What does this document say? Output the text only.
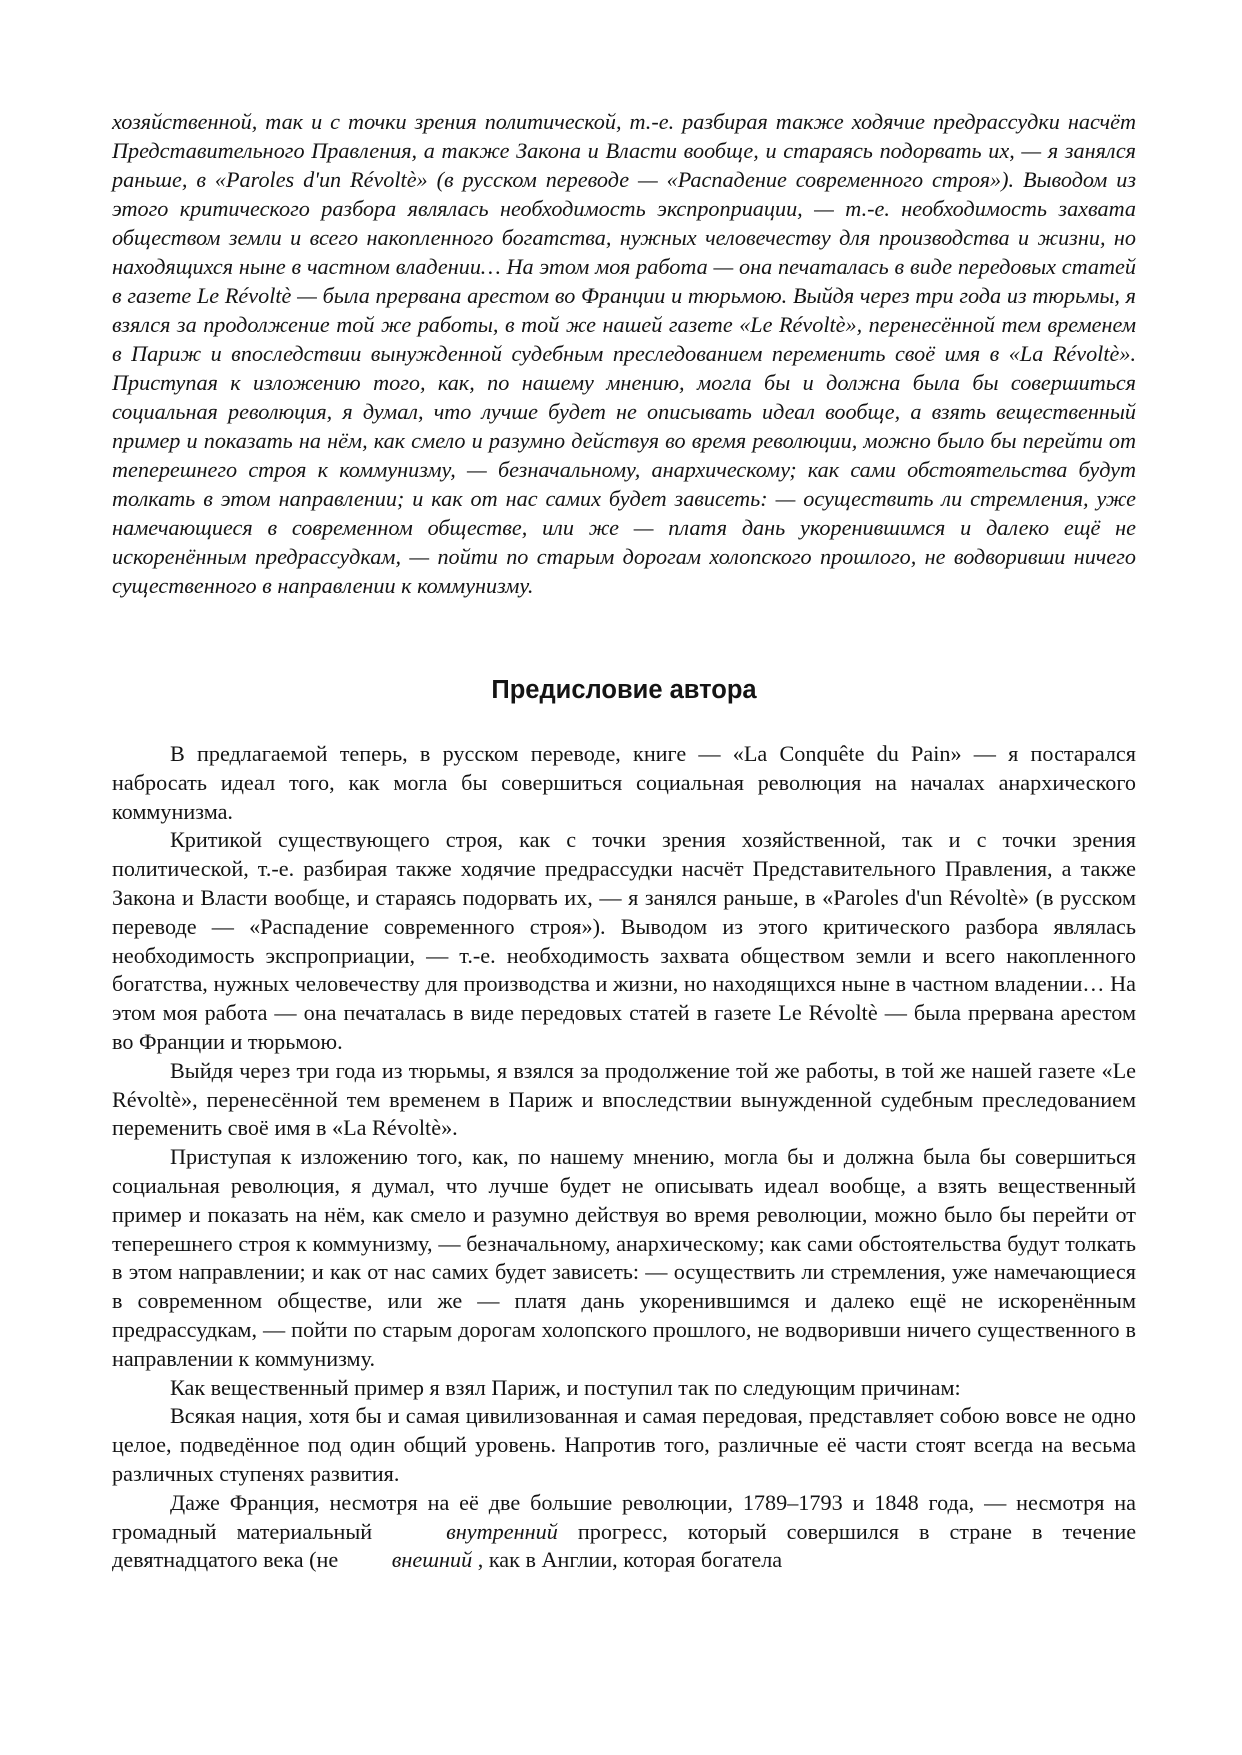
хозяйственной, так и с точки зрения политической, т.-е. разбирая также ходячие предрассудки насчёт Представительного Правления, а также Закона и Власти вообще, и стараясь подорвать их, — я занялся раньше, в «Paroles d'un Révoltè» (в русском переводе — «Распадение современного строя»). Выводом из этого критического разбора являлась необходимость экспроприации, — т.-е. необходимость захвата обществом земли и всего накопленного богатства, нужных человечеству для производства и жизни, но находящихся ныне в частном владении… На этом моя работа — она печаталась в виде передовых статей в газете Le Révoltè — была прервана арестом во Франции и тюрьмою. Выйдя через три года из тюрьмы, я взялся за продолжение той же работы, в той же нашей газете «Le Révoltè», перенесённой тем временем в Париж и впоследствии вынужденной судебным преследованием переменить своё имя в «La Révoltè». Приступая к изложению того, как, по нашему мнению, могла бы и должна была бы совершиться социальная революция, я думал, что лучше будет не описывать идеал вообще, а взять вещественный пример и показать на нём, как смело и разумно действуя во время революции, можно было бы перейти от теперешнего строя к коммунизму, — безначальному, анархическому; как сами обстоятельства будут толкать в этом направлении; и как от нас самих будет зависеть: — осуществить ли стремления, уже намечающиеся в современном обществе, или же — платя дань укоренившимся и далеко ещё не искоренённым предрассудкам, — пойти по старым дорогам холопского прошлого, не водворивши ничего существенного в направлении к коммунизму.

Предисловие автора

В предлагаемой теперь, в русском переводе, книге — «La Conquête du Pain» — я постарался набросать идеал того, как могла бы совершиться социальная революция на началах анархического коммунизма.

Критикой существующего строя, как с точки зрения хозяйственной, так и с точки зрения политической, т.-е. разбирая также ходячие предрассудки насчёт Представительного Правления, а также Закона и Власти вообще, и стараясь подорвать их, — я занялся раньше, в «Paroles d'un Révoltè» (в русском переводе — «Распадение современного строя»). Выводом из этого критического разбора являлась необходимость экспроприации, — т.-е. необходимость захвата обществом земли и всего накопленного богатства, нужных человечеству для производства и жизни, но находящихся ныне в частном владении… На этом моя работа — она печаталась в виде передовых статей в газете Le Révoltè — была прервана арестом во Франции и тюрьмою.

Выйдя через три года из тюрьмы, я взялся за продолжение той же работы, в той же нашей газете «Le Révoltè», перенесённой тем временем в Париж и впоследствии вынужденной судебным преследованием переменить своё имя в «La Révoltè».

Приступая к изложению того, как, по нашему мнению, могла бы и должна была бы совершиться социальная революция, я думал, что лучше будет не описывать идеал вообще, а взять вещественный пример и показать на нём, как смело и разумно действуя во время революции, можно было бы перейти от теперешнего строя к коммунизму, — безначальному, анархическому; как сами обстоятельства будут толкать в этом направлении; и как от нас самих будет зависеть: — осуществить ли стремления, уже намечающиеся в современном обществе, или же — платя дань укоренившимся и далеко ещё не искоренённым предрассудкам, — пойти по старым дорогам холопского прошлого, не водворивши ничего существенного в направлении к коммунизму.

Как вещественный пример я взял Париж, и поступил так по следующим причинам:

Всякая нация, хотя бы и самая цивилизованная и самая передовая, представляет собою вовсе не одно целое, подведённое под один общий уровень. Напротив того, различные её части стоят всегда на весьма различных ступенях развития.

Даже Франция, несмотря на её две большие революции, 1789–1793 и 1848 года, — несмотря на громадный материальный	внутренний прогресс, который совершился в стране в течение девятнадцатого века (не внешний , как в Англии, которая богатела
